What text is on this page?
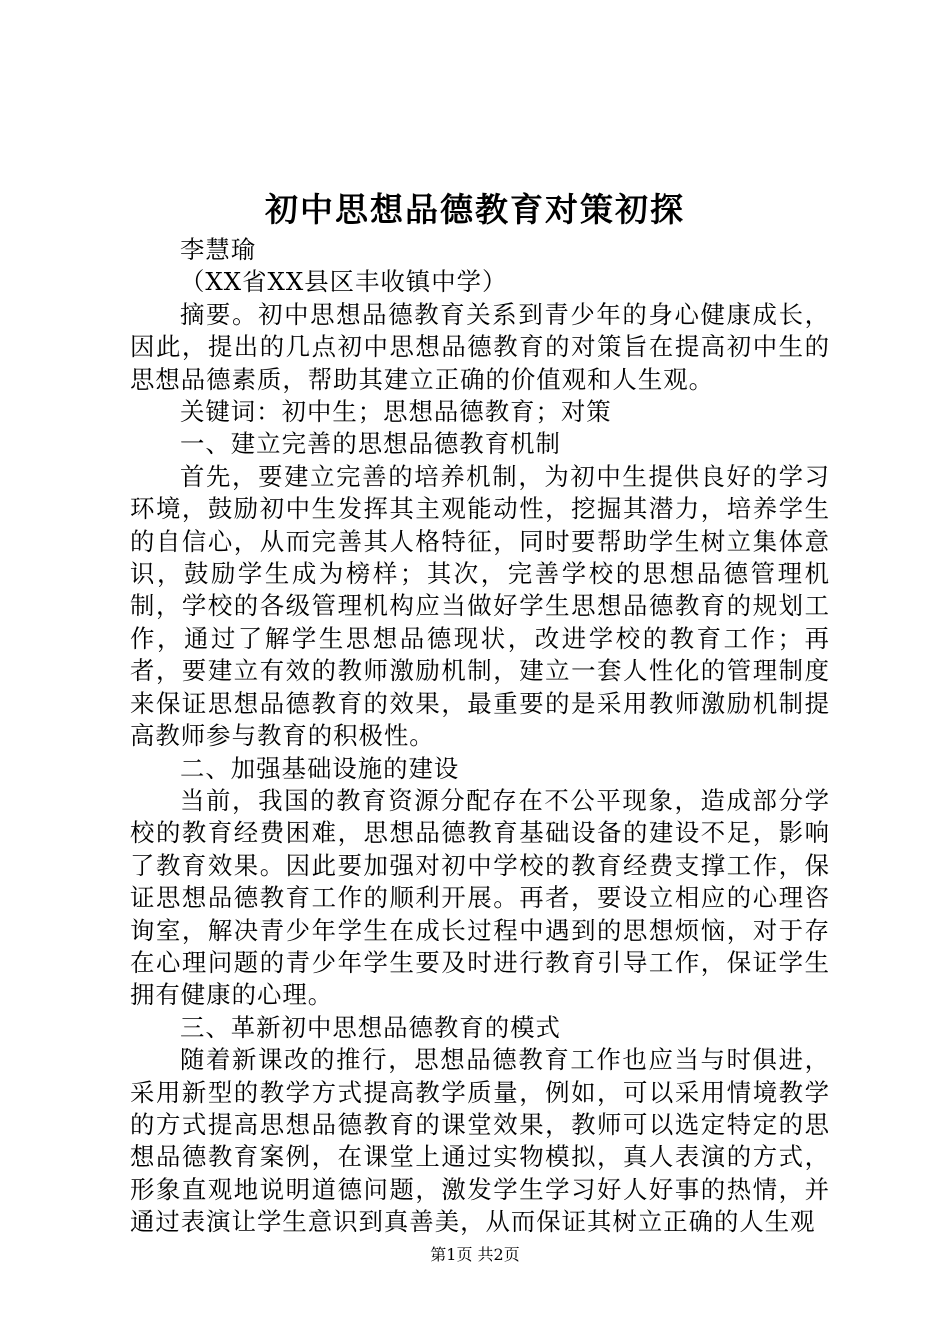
初中思想品德教育对策初探

李慧瑜

（XX省XX县区丰收镇中学）

摘要。初中思想品德教育关系到青少年的身心健康成长，因此，提出的几点初中思想品德教育的对策旨在提高初中生的思想品德素质，帮助其建立正确的价值观和人生观。

关键词：初中生；思想品德教育；对策

一、建立完善的思想品德教育机制

首先，要建立完善的培养机制，为初中生提供良好的学习环境，鼓励初中生发挥其主观能动性，挖掘其潜力，培养学生的自信心，从而完善其人格特征，同时要帮助学生树立集体意识，鼓励学生成为榜样；其次，完善学校的思想品德管理机制，学校的各级管理机构应当做好学生思想品德教育的规划工作，通过了解学生思想品德现状，改进学校的教育工作；再者，要建立有效的教师激励机制，建立一套人性化的管理制度来保证思想品德教育的效果，最重要的是采用教师激励机制提高教师参与教育的积极性。

二、加强基础设施的建设

当前，我国的教育资源分配存在不公平现象，造成部分学校的教育经费困难，思想品德教育基础设备的建设不足，影响了教育效果。因此要加强对初中学校的教育经费支撑工作，保证思想品德教育工作的顺利开展。再者，要设立相应的心理咨询室，解决青少年学生在成长过程中遇到的思想烦恼，对于存在心理问题的青少年学生要及时进行教育引导工作，保证学生拥有健康的心理。

三、革新初中思想品德教育的模式

随着新课改的推行，思想品德教育工作也应当与时俱进，采用新型的教学方式提高教学质量，例如，可以采用情境教学的方式提高思想品德教育的课堂效果，教师可以选定特定的思想品德教育案例，在课堂上通过实物模拟，真人表演的方式，形象直观地说明道德问题，激发学生学习好人好事的热情，并通过表演让学生意识到真善美，从而保证其树立正确的人生观

第1页 共2页
